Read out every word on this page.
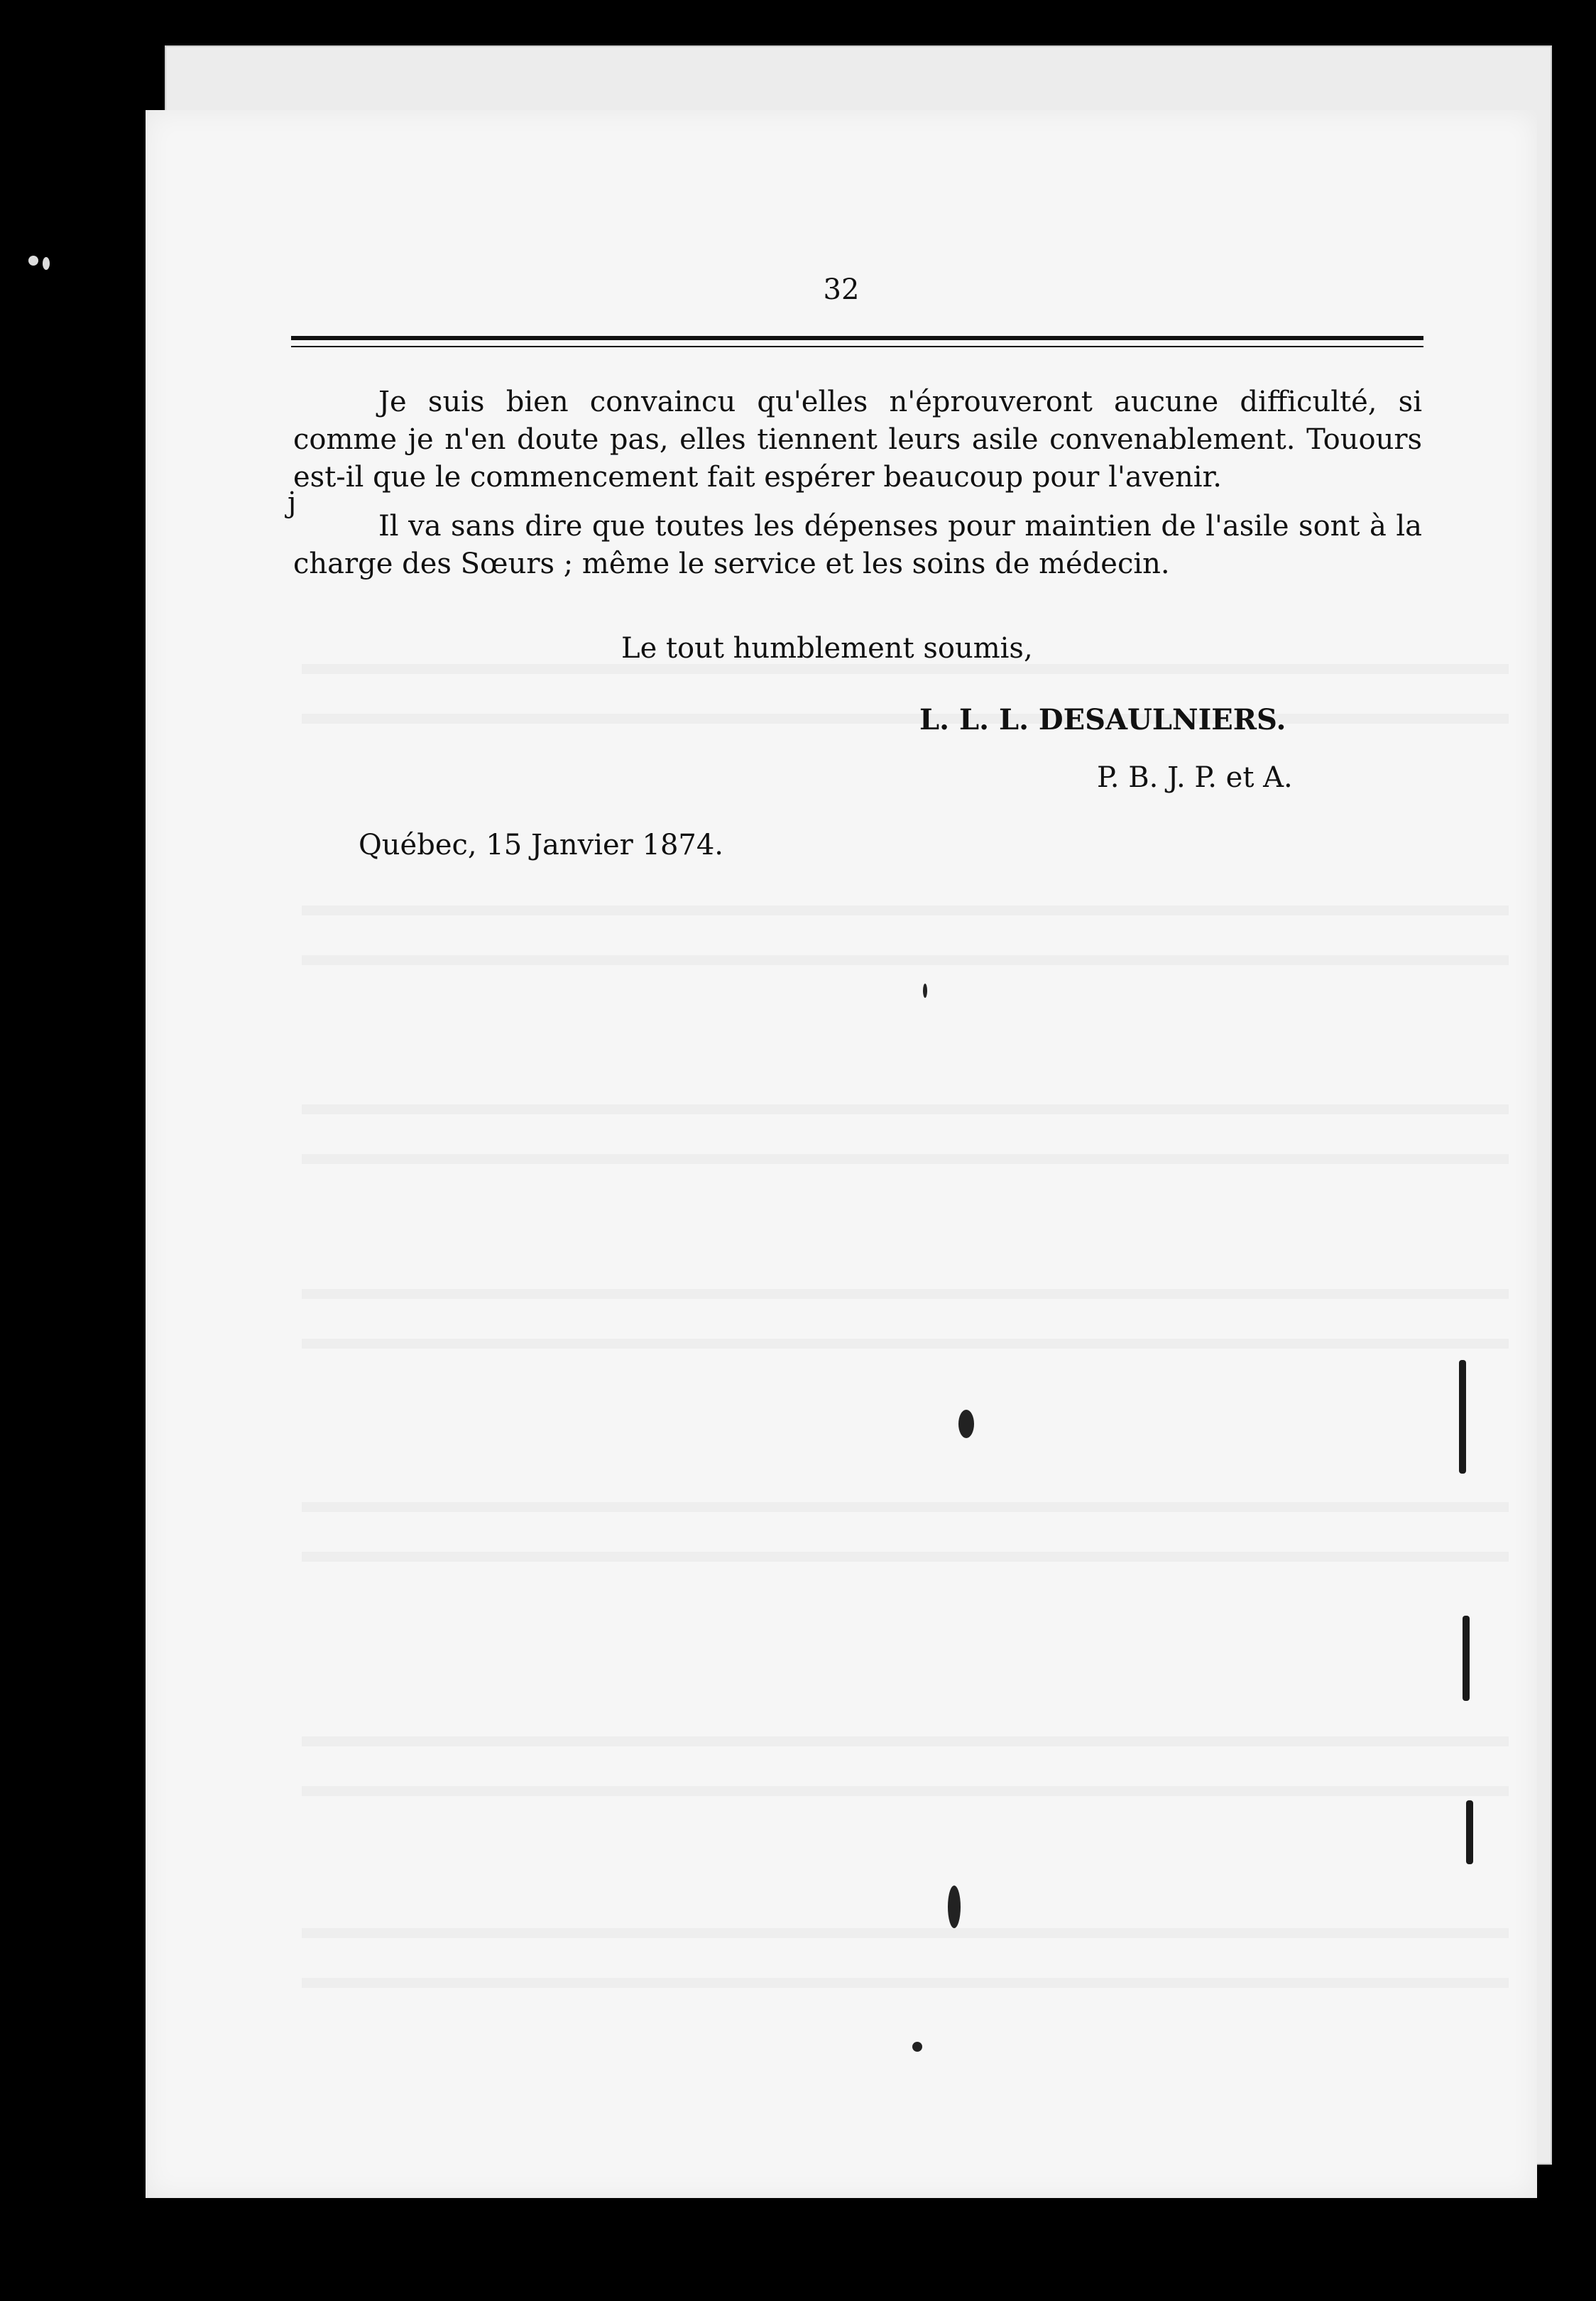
32

Je suis bien convaincu qu'elles n'éprouveront aucune difficulté, si comme je n'en doute pas, elles tiennent leurs asile convenablement. Touours est-il que le commencement fait espérer beaucoup pour l'avenir.

j

Il va sans dire que toutes les dépenses pour maintien de l'asile sont à la charge des Sœurs ; même le service et les soins de médecin.

Le tout humblement soumis,
L. L. L. DESAULNIERS.
P. B. J. P. et A.
Québec, 15 Janvier 1874.
